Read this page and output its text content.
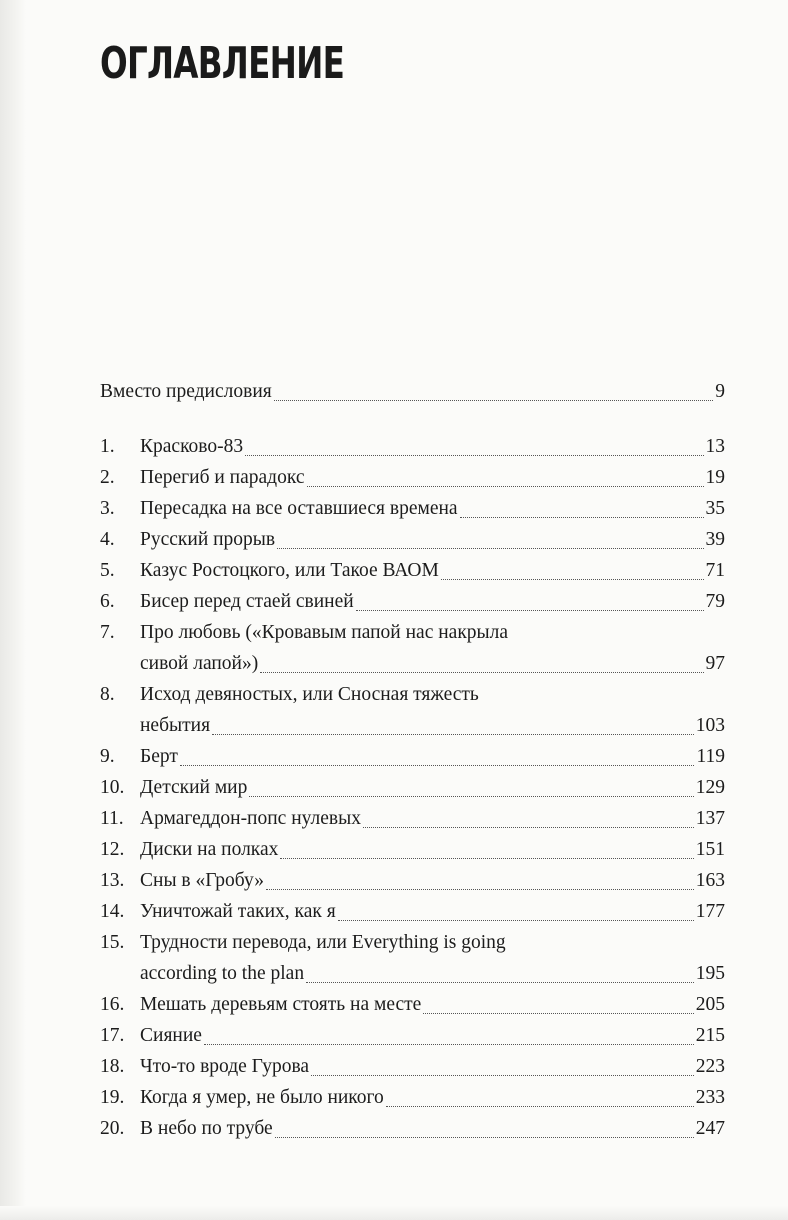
ОГЛАВЛЕНИЕ
Вместо предисловия	9
1.	Красково-83	13
2.	Перегиб и парадокс	19
3.	Пересадка на все оставшиеся времена	35
4.	Русский прорыв	39
5.	Казус Ростоцкого, или Такое ВАОМ	71
6.	Бисер перед стаей свиней	79
7.	Про любовь («Кровавым папой нас накрыла
сивой лапой»)	97
8.	Исход девяностых, или Сносная тяжесть
небытия	103
9.	Берт	119
10. Детский мир	129
11. Армагеддон-попс нулевых	137
12. Диски на полках	151
13. Сны в «Гробу»	163
14. Уничтожай таких, как я	177
15. Трудности перевода, или Everything is going
according to the plan	195
16. Мешать деревьям стоять на месте	205
17. Сияние	215
18. Что-то вроде Гурова	223
19. Когда я умер, не было никого	233
20. В небо по трубе	247
